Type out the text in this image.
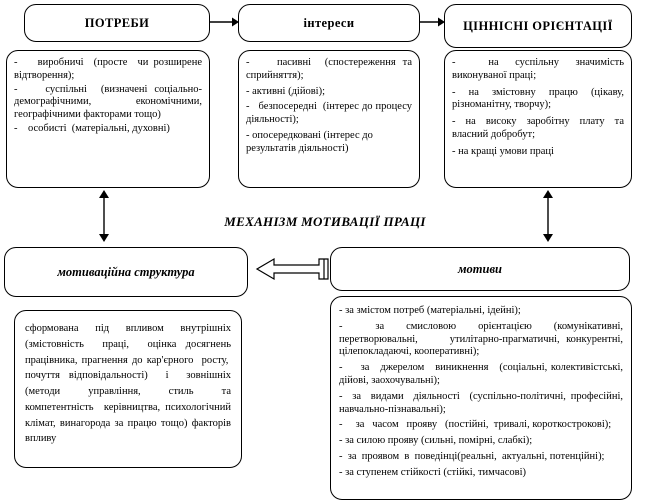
ПОТРЕБИ	інтереси	ЦІННІСНІ ОРІЄНТАЦІЇ

-    виробничі  (просте  чи розширене відтворення);

-    суспільні  (визначені соціально-демографічними, економічними, географічними факторами тощо)

-    особисті  (матеріальні, духовні)

-    пасивні  (спостереження та сприйняття);

- активні (дійові);

-   безпосередні  (інтерес до процесу діяльності);

- опосередковані (інтерес до результатів діяльності)

-    на  суспільну  значимість виконуваної праці;

- на змістовну працю (цікаву, різноманітну, творчу);

- на високу заробітну плату та власний добробут;

- на кращі умови праці

МЕХАНІЗМ МОТИВАЦІЇ ПРАЦІ
мотиваційна структура	мотиви

сформована  під  впливом  внутрішніх (змістовність  праці,  оцінка досягнень працівника, прагнення до кар'єрного  росту,  почуття відповідальності)  і  зовнішніх (методи  управління,  стиль  та компетентність  керівництва, психологічний клімат, винагорода за працю тощо) факторів впливу

- за змістом потреб (матеріальні, ідейні);

-   за  смисловою  орієнтацією  (комунікативні, перетворювальні,     утилітарно-прагматичні, конкурентні, цілепокладаючі, кооперативні);

-     за   джерелом   виникнення   (соціальні, колективістські, дійові, заохочувальні);

-  за  видами  діяльності  (суспільно-політичні, професійні, навчально-пізнавальні);

-     за   часом   прояву   (постійні,  тривалі, короткострокові);

- за силою прояву (сильні, помірні, слабкі);

-  за  проявом  в  поведінці(реальні,  актуальні, потенційні);

- за ступенем стійкості (стійкі, тимчасові)
